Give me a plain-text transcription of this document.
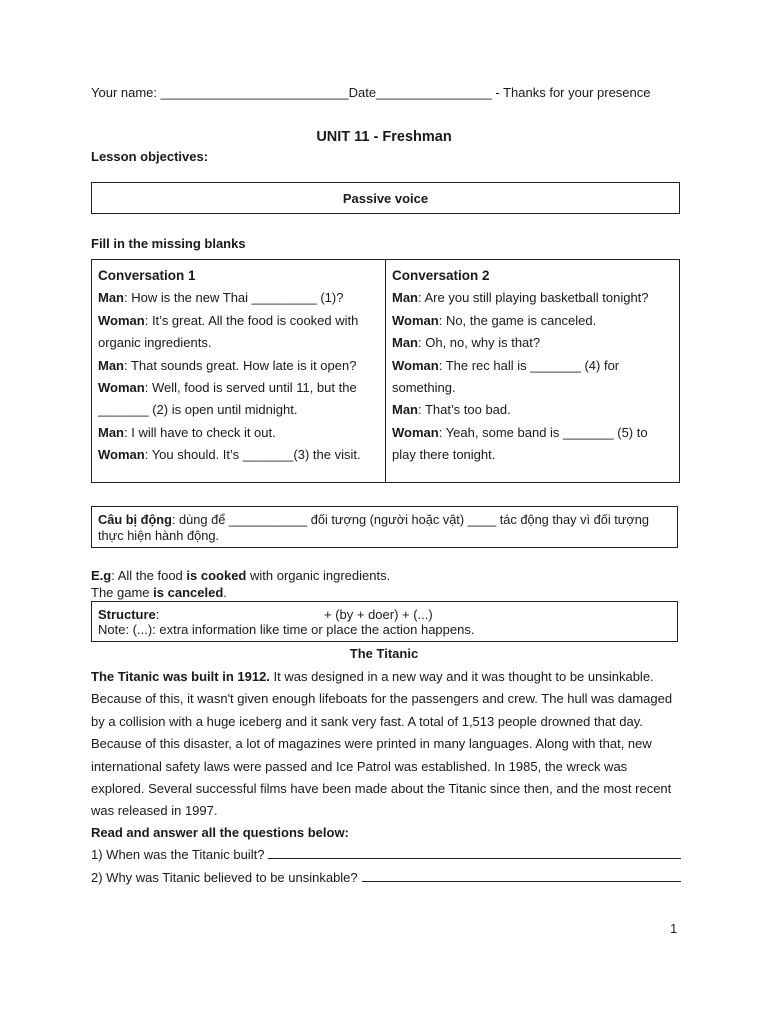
Your name: __________________________Date________________ - Thanks for your presence
UNIT 11 - Freshman
Lesson objectives:
Passive voice
Fill in the missing blanks
Conversation 1
Man: How is the new Thai _________ (1)?
Woman: It’s great. All the food is cooked with organic ingredients.
Man: That sounds great. How late is it open?
Woman: Well, food is served until 11, but the _______ (2) is open until midnight.
Man: I will have to check it out.
Woman: You should. It’s _______(3) the visit.
Conversation 2
Man: Are you still playing basketball tonight?
Woman: No, the game is canceled.
Man: Oh, no, why is that?
Woman: The rec hall is _______ (4) for something.
Man: That’s too bad.
Woman: Yeah, some band is _______ (5) to play there tonight.
Câu bị động: dùng để ___________ đối tượng (người hoặc vật) ____ tác động thay vì đối tượng thực hiện hành động.
E.g: All the food is cooked with organic ingredients.
The game is canceled.
Structure:	+ (by + doer) + (...)
Note: (...): extra information like time or place the action happens.
The Titanic
The Titanic was built in 1912. It was designed in a new way and it was thought to be unsinkable. Because of this, it wasn't given enough lifeboats for the passengers and crew. The hull was damaged by a collision with a huge iceberg and it sank very fast. A total of 1,513 people drowned that day. Because of this disaster, a lot of magazines were printed in many languages. Along with that, new international safety laws were passed and Ice Patrol was established. In 1985, the wreck was explored. Several successful films have been made about the Titanic since then, and the most recent was released in 1997.
Read and answer all the questions below:
1) When was the Titanic built?
2) Why was Titanic believed to be unsinkable?
1
